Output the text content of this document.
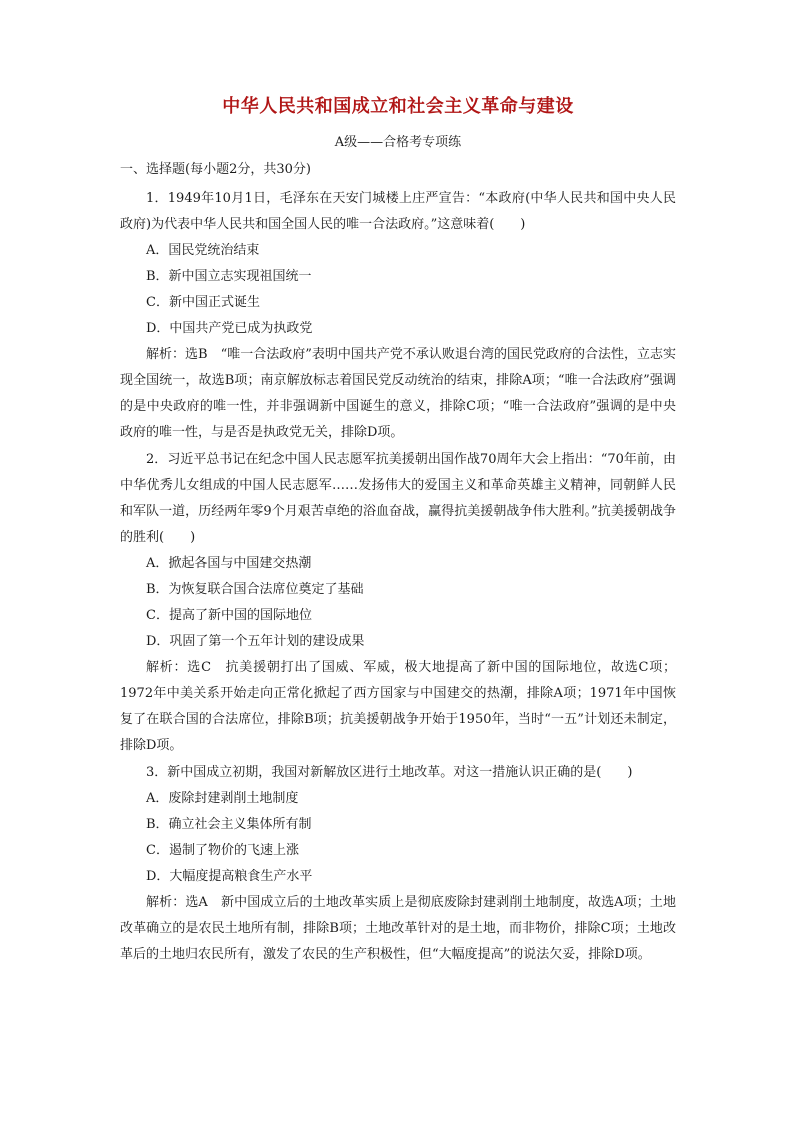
中华人民共和国成立和社会主义革命与建设
A级——合格考专项练
一、选择题(每小题2分，共30分)

1．1949年10月1日，毛泽东在天安门城楼上庄严宣告：“本政府(中华人民共和国中央人民政府)为代表中华人民共和国全国人民的唯一合法政府。”这意味着(　　)

A．国民党统治结束

B．新中国立志实现祖国统一

C．新中国正式诞生

D．中国共产党已成为执政党

解析：选B　“唯一合法政府”表明中国共产党不承认败退台湾的国民党政府的合法性，立志实现全国统一，故选B项；南京解放标志着国民党反动统治的结束，排除A项；“唯一合法政府”强调的是中央政府的唯一性，并非强调新中国诞生的意义，排除C项；“唯一合法政府”强调的是中央政府的唯一性，与是否是执政党无关，排除D项。

2．习近平总书记在纪念中国人民志愿军抗美援朝出国作战70周年大会上指出：“70年前，由中华优秀儿女组成的中国人民志愿军……发扬伟大的爱国主义和革命英雄主义精神，同朝鲜人民和军队一道，历经两年零9个月艰苦卓绝的浴血奋战，赢得抗美援朝战争伟大胜利。”抗美援朝战争的胜利(　　)

A．掀起各国与中国建交热潮

B．为恢复联合国合法席位奠定了基础

C．提高了新中国的国际地位

D．巩固了第一个五年计划的建设成果

解析：选C　抗美援朝打出了国威、军威，极大地提高了新中国的国际地位，故选C项；1972年中美关系开始走向正常化掀起了西方国家与中国建交的热潮，排除A项；1971年中国恢复了在联合国的合法席位，排除B项；抗美援朝战争开始于1950年，当时“一五”计划还未制定，排除D项。

3．新中国成立初期，我国对新解放区进行土地改革。对这一措施认识正确的是(　　)

A．废除封建剥削土地制度

B．确立社会主义集体所有制

C．遏制了物价的飞速上涨

D．大幅度提高粮食生产水平

解析：选A　新中国成立后的土地改革实质上是彻底废除封建剥削土地制度，故选A项；土地改革确立的是农民土地所有制，排除B项；土地改革针对的是土地，而非物价，排除C项；土地改革后的土地归农民所有，激发了农民的生产积极性，但“大幅度提高”的说法欠妥，排除D项。
